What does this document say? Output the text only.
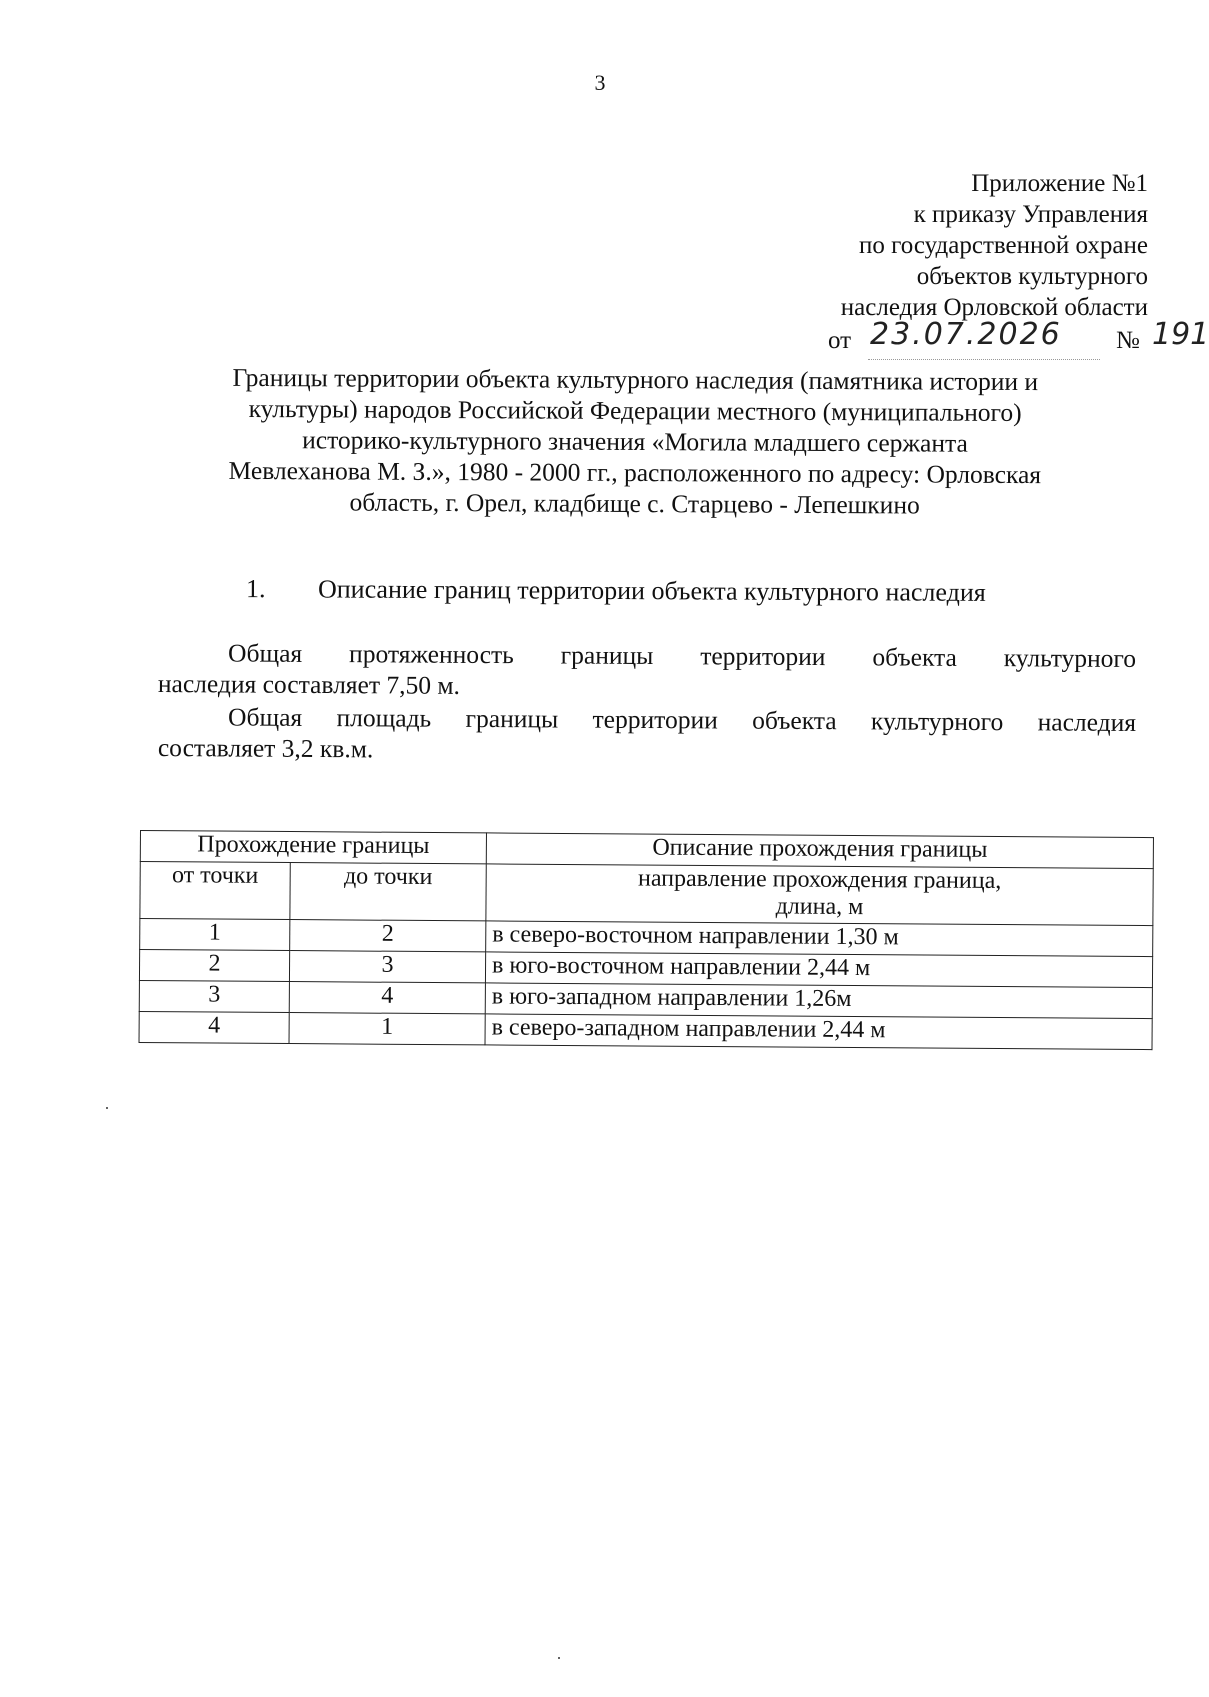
3
Приложение №1
к приказу Управления
по государственной охране
объектов культурного
наследия Орловской области
от 23.07.2026 № 191
Границы территории объекта культурного наследия (памятника истории и
культуры) народов Российской Федерации местного (муниципального)
историко-культурного значения «Могила младшего сержанта
Мевлеханова М. З.», 1980 - 2000 гг., расположенного по адресу: Орловская
область, г. Орел, кладбище с. Старцево - Лепешкино
1. Описание границ территории объекта культурного наследия
Общая протяженность границы территории объекта культурного
наследия составляет 7,50 м.
Общая площадь границы территории объекта культурного наследия
составляет 3,2 кв.м.
Прохождение границы		Описание прохождения границы
от точки	до точки	направление прохождения граница,
длина, м

1	2	в северо-восточном направлении 1,30 м
2	3	в юго-восточном направлении 2,44 м
3	4	в юго-западном направлении 1,26м
4	1	в северо-западном направлении 2,44 м
